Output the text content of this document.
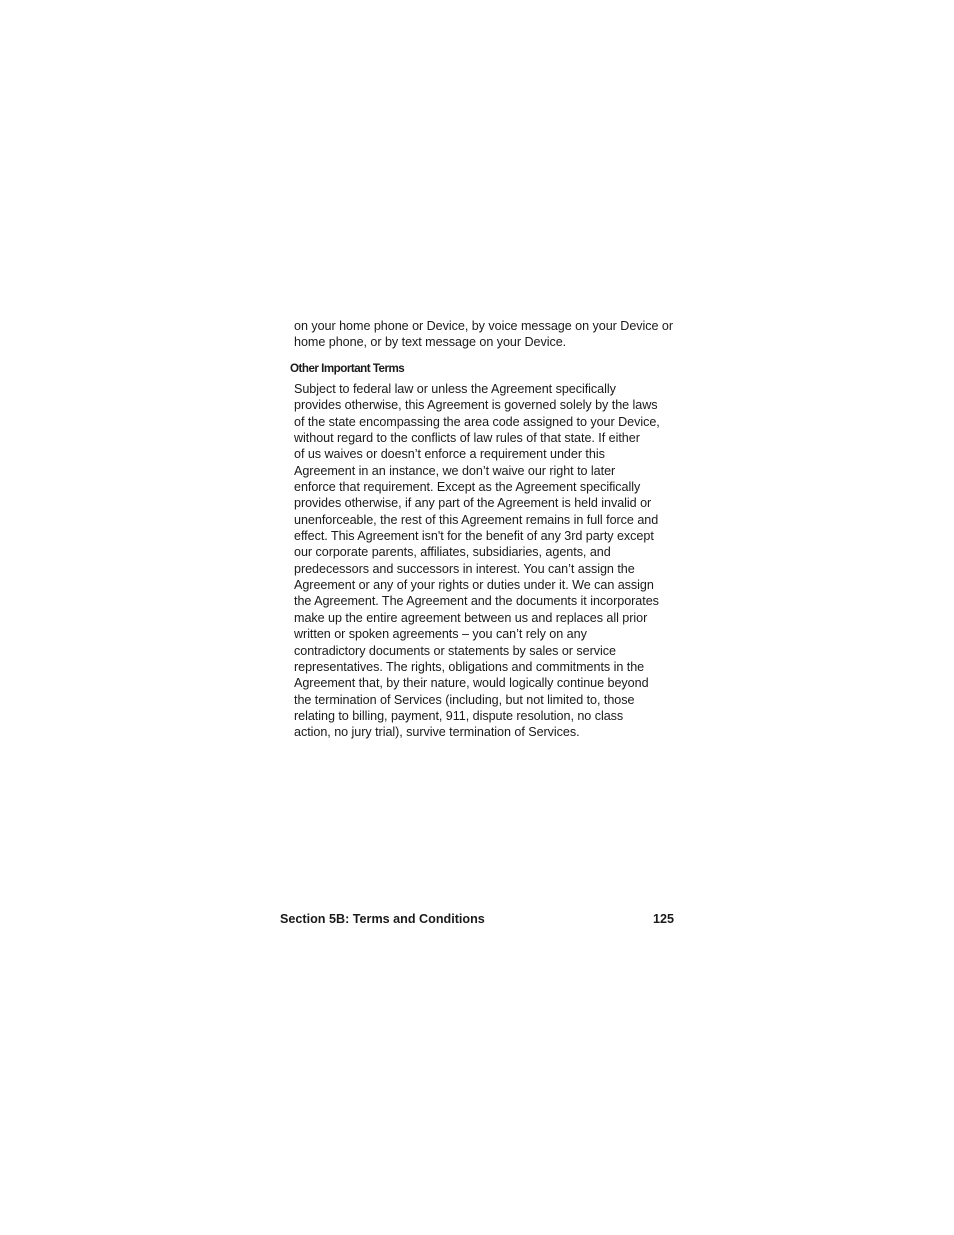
on your home phone or Device, by voice message on your Device or
home phone, or by text message on your Device.
Other Important Terms
Subject to federal law or unless the Agreement specifically
provides otherwise, this Agreement is governed solely by the laws
of the state encompassing the area code assigned to your Device,
without regard to the conflicts of law rules of that state. If either
of us waives or doesn’t enforce a requirement under this
Agreement in an instance, we don’t waive our right to later
enforce that requirement. Except as the Agreement specifically
provides otherwise, if any part of the Agreement is held invalid or
unenforceable, the rest of this Agreement remains in full force and
effect. This Agreement isn't for the benefit of any 3rd party except
our corporate parents, affiliates, subsidiaries, agents, and
predecessors and successors in interest. You can’t assign the
Agreement or any of your rights or duties under it. We can assign
the Agreement. The Agreement and the documents it incorporates
make up the entire agreement between us and replaces all prior
written or spoken agreements – you can’t rely on any
contradictory documents or statements by sales or service
representatives. The rights, obligations and commitments in the
Agreement that, by their nature, would logically continue beyond
the termination of Services (including, but not limited to, those
relating to billing, payment, 911, dispute resolution, no class
action, no jury trial), survive termination of Services.
Section 5B: Terms and Conditions	125
